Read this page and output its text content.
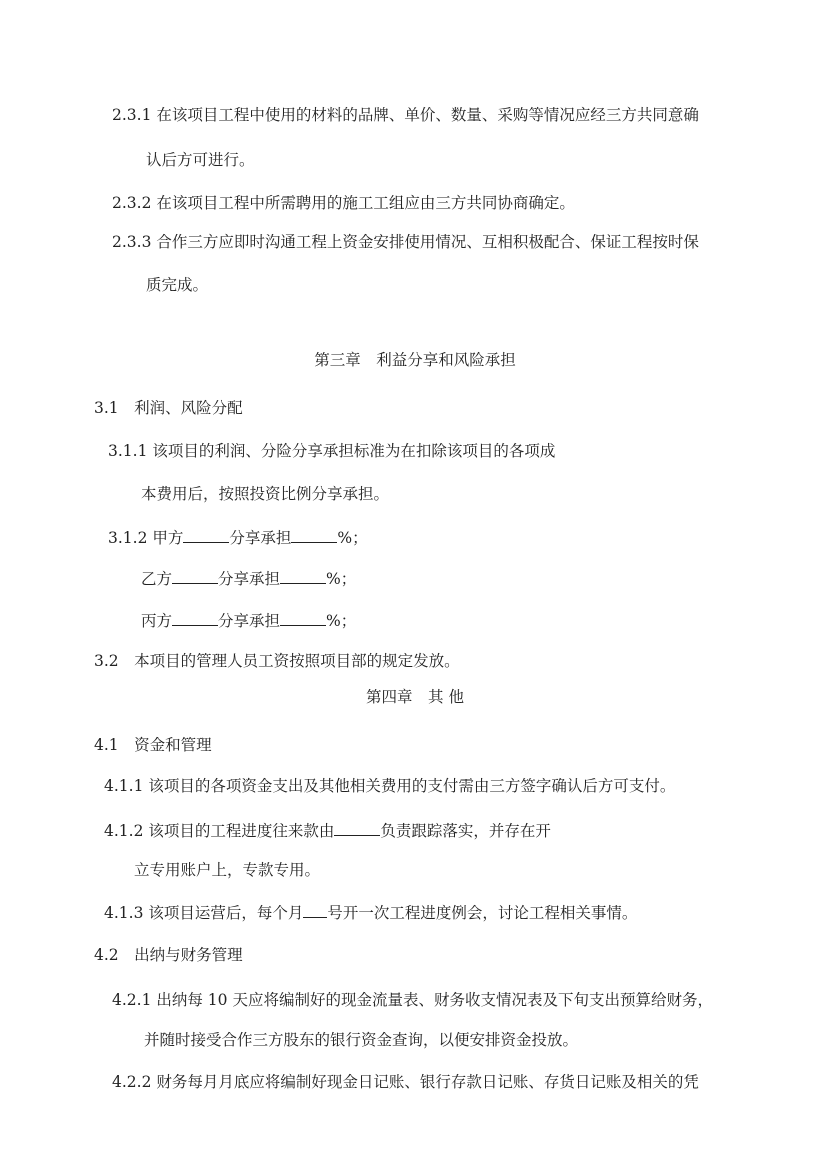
2.3.1 在该项目工程中使用的材料的品牌、单价、数量、采购等情况应经三方共同意确
认后方可进行。
2.3.2 在该项目工程中所需聘用的施工工组应由三方共同协商确定。
2.3.3 合作三方应即时沟通工程上资金安排使用情况、互相积极配合、保证工程按时保
质完成。
第三章　利益分享和风险承担
3.1　利润、风险分配
3.1.1 该项目的利润、分险分享承担标准为在扣除该项目的各项成
本费用后，按照投资比例分享承担。
3.1.2 甲方	分享承担	%；
乙方	分享承担	%；
丙方	分享承担	%；
3.2　本项目的管理人员工资按照项目部的规定发放。
第四章　其 他
4.1　资金和管理
4.1.1 该项目的各项资金支出及其他相关费用的支付需由三方签字确认后方可支付。
4.1.2 该项目的工程进度往来款由	负责跟踪落实，并存在开
立专用账户上，专款专用。
4.1.3 该项目运营后，每个月 号开一次工程进度例会，讨论工程相关事情。
4.2　出纳与财务管理
4.2.1 出纳每 10 天应将编制好的现金流量表、财务收支情况表及下旬支出预算给财务，
并随时接受合作三方股东的银行资金查询，以便安排资金投放。
4.2.2 财务每月月底应将编制好现金日记账、银行存款日记账、存货日记账及相关的凭
